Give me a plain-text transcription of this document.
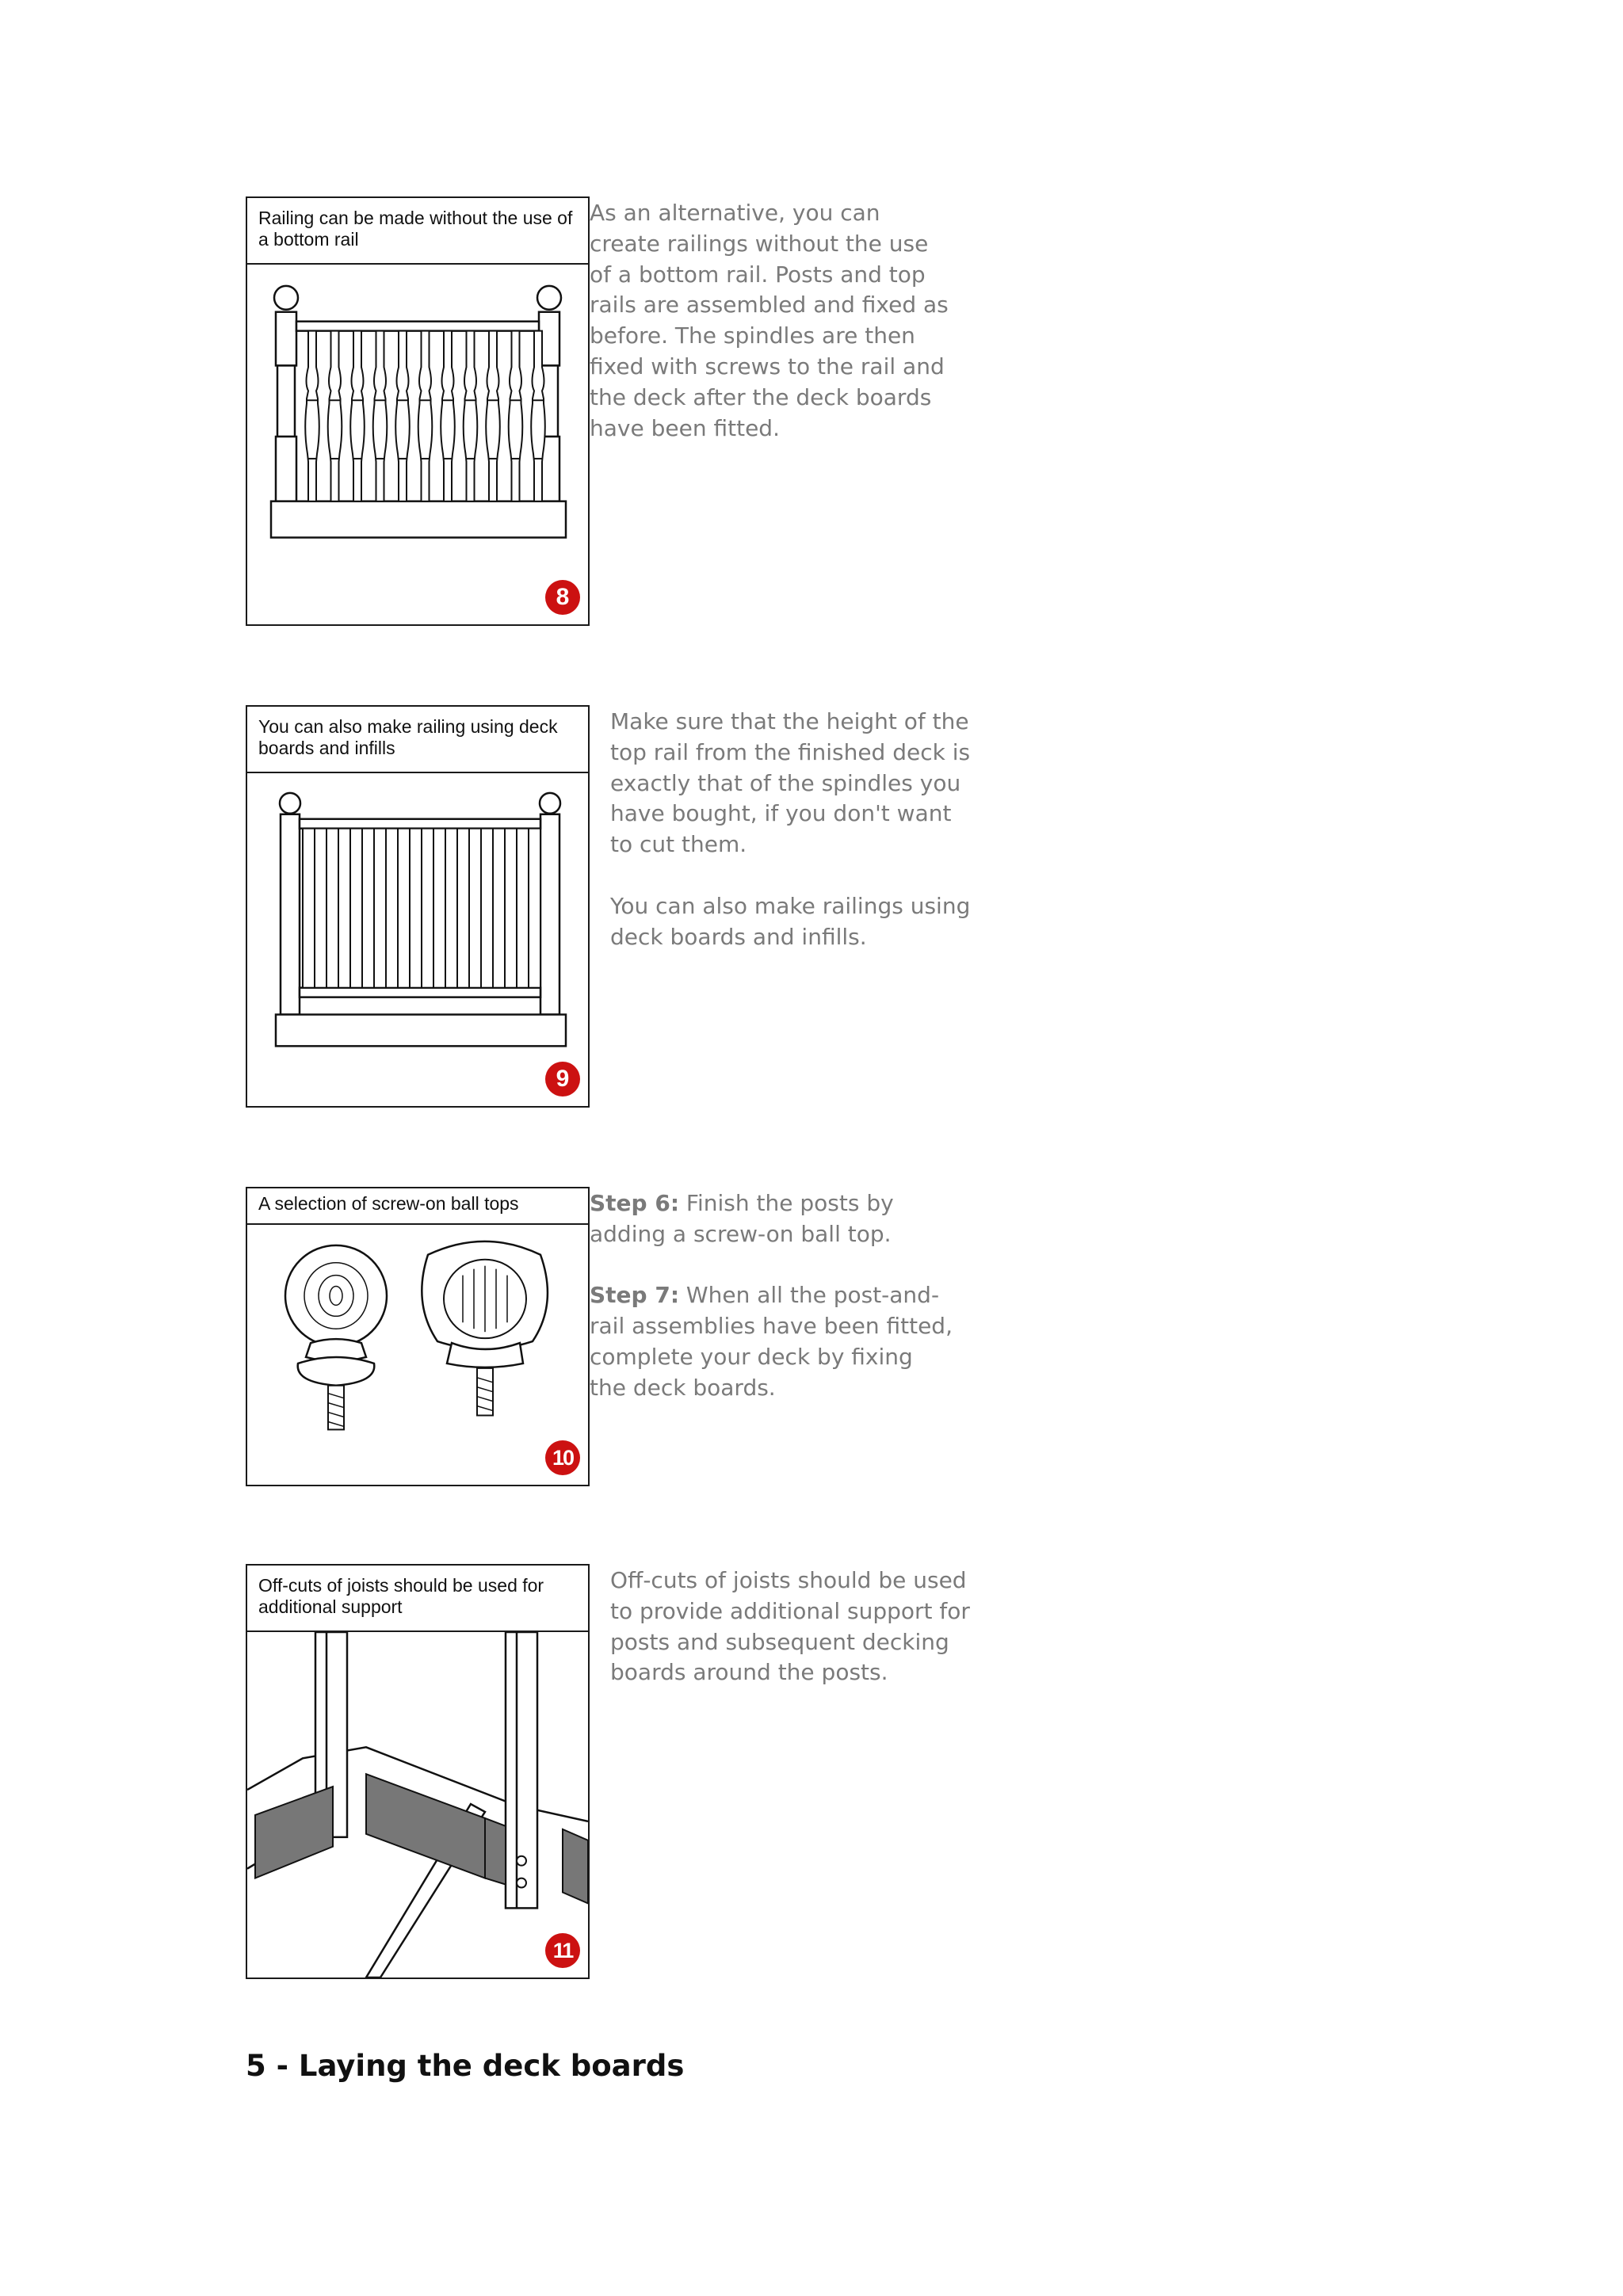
Railing can be made without the use of a bottom rail
8

As an alternative, you can create railings without the use of a bottom rail. Posts and top rails are assembled and fixed as before. The spindles are then fixed with screws to the rail and the deck after the deck boards have been fitted.

You can also make railing using deck boards and infills
9

Make sure that the height of the top rail from the finished deck is exactly that of the spindles you have bought, if you don't want to cut them.

You can also make railings using deck boards and infills.

A selection of screw-on ball tops
10

Step 6: Finish the posts by adding a screw-on ball top.

Step 7: When all the post-and-rail assemblies have been fitted, complete your deck by fixing the deck boards.

Off-cuts of joists should be used for additional support
11

Off-cuts of joists should be used to provide additional support for posts and subsequent decking boards around the posts.

5 - Laying the deck boards
